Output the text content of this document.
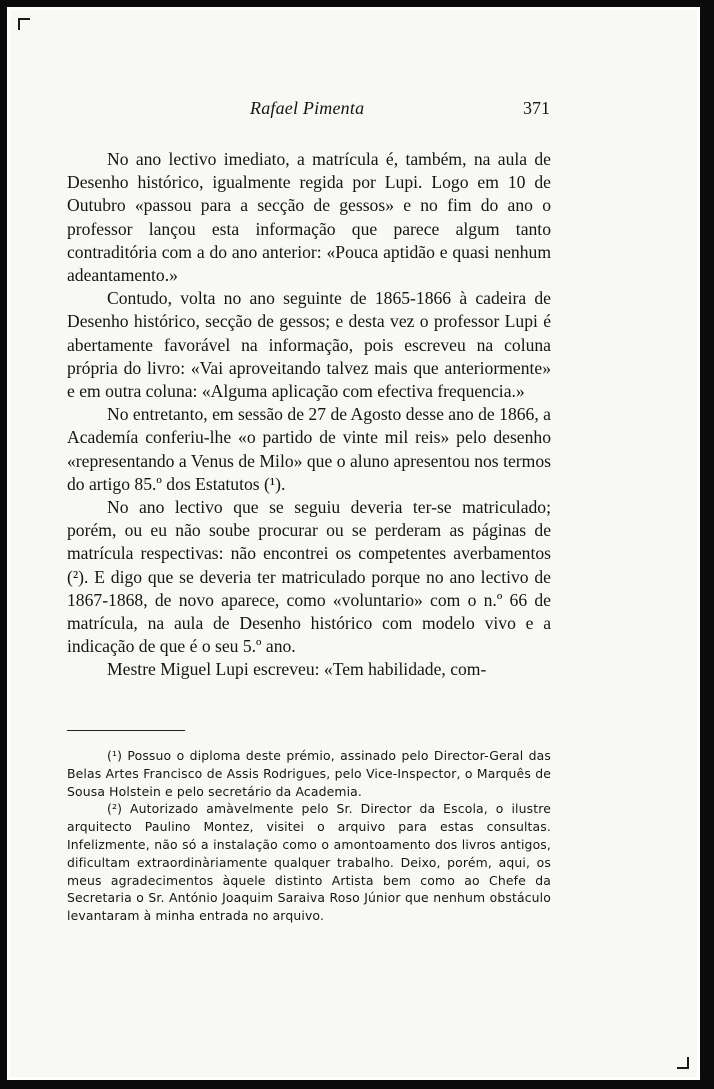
Rafael Pimenta	371

No ano lectivo imediato, a matrícula é, também, na aula de Desenho histórico, igualmente regida por Lupi. Logo em 10 de Outubro «passou para a secção de gessos» e no fim do ano o professor lançou esta informação que parece algum tanto contraditória com a do ano anterior: «Pouca aptidão e quasi nenhum adeantamento.»

Contudo, volta no ano seguinte de 1865-1866 à cadeira de Desenho histórico, secção de gessos; e desta vez o professor Lupi é abertamente favorável na informação, pois escreveu na coluna própria do livro: «Vai aproveitando talvez mais que anteriormente» e em outra coluna: «Alguma aplicação com efectiva frequencia.»

No entretanto, em sessão de 27 de Agosto desse ano de 1866, a Academía conferiu-lhe «o partido de vinte mil reis» pelo desenho «representando a Venus de Milo» que o aluno apresentou nos termos do artigo 85.º dos Estatutos (¹).

No ano lectivo que se seguiu deveria ter-se matriculado; porém, ou eu não soube procurar ou se perderam as páginas de matrícula respectivas: não encontrei os competentes averbamentos (²). E digo que se deveria ter matriculado porque no ano lectivo de 1867-1868, de novo aparece, como «voluntario» com o n.º 66 de matrícula, na aula de Desenho histórico com modelo vivo e a indicação de que é o seu 5.º ano.

Mestre Miguel Lupi escreveu: «Tem habilidade, com-

(¹) Possuo o diploma deste prémio, assinado pelo Director-Geral das Belas Artes Francisco de Assis Rodrigues, pelo Vice-Inspector, o Marquês de Sousa Holstein e pelo secretário da Academia.

(²) Autorizado amàvelmente pelo Sr. Director da Escola, o ilustre arquitecto Paulino Montez, visitei o arquivo para estas consultas. Infelizmente, não só a instalação como o amontoamento dos livros antigos, dificultam extraordinàriamente qualquer trabalho. Deixo, porém, aqui, os meus agradecimentos àquele distinto Artista bem como ao Chefe da Secretaria o Sr. António Joaquim Saraiva Roso Júnior que nenhum obstáculo levantaram à minha entrada no arquivo.
